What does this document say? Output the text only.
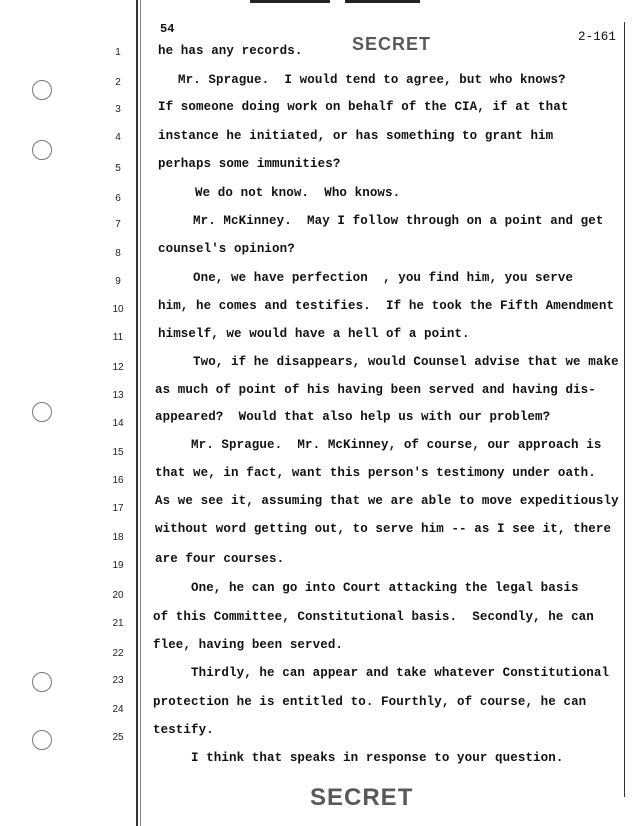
54
2-161
SECRET
SECRET
1
2
3
4
5
6
7
8
9
10
11
12
13
14
15
16
17
18
19
20
21
22
23
24
25
he has any records.
Mr. Sprague.  I would tend to agree, but who knows?
If someone doing work on behalf of the CIA, if at that
instance he initiated, or has something to grant him
perhaps some immunities?
We do not know.  Who knows.
Mr. McKinney.  May I follow through on a point and get
counsel's opinion?
One, we have perfection  , you find him, you serve
him, he comes and testifies.  If he took the Fifth Amendment
himself, we would have a hell of a point.
Two, if he disappears, would Counsel advise that we make
as much of point of his having been served and having dis-
appeared?  Would that also help us with our problem?
Mr. Sprague.  Mr. McKinney, of course, our approach is
that we, in fact, want this person's testimony under oath.
As we see it, assuming that we are able to move expeditiously
without word getting out, to serve him -- as I see it, there
are four courses.
One, he can go into Court attacking the legal basis
of this Committee, Constitutional basis.  Secondly, he can
flee, having been served.
Thirdly, he can appear and take whatever Constitutional
protection he is entitled to. Fourthly, of course, he can
testify.
I think that speaks in response to your question.
